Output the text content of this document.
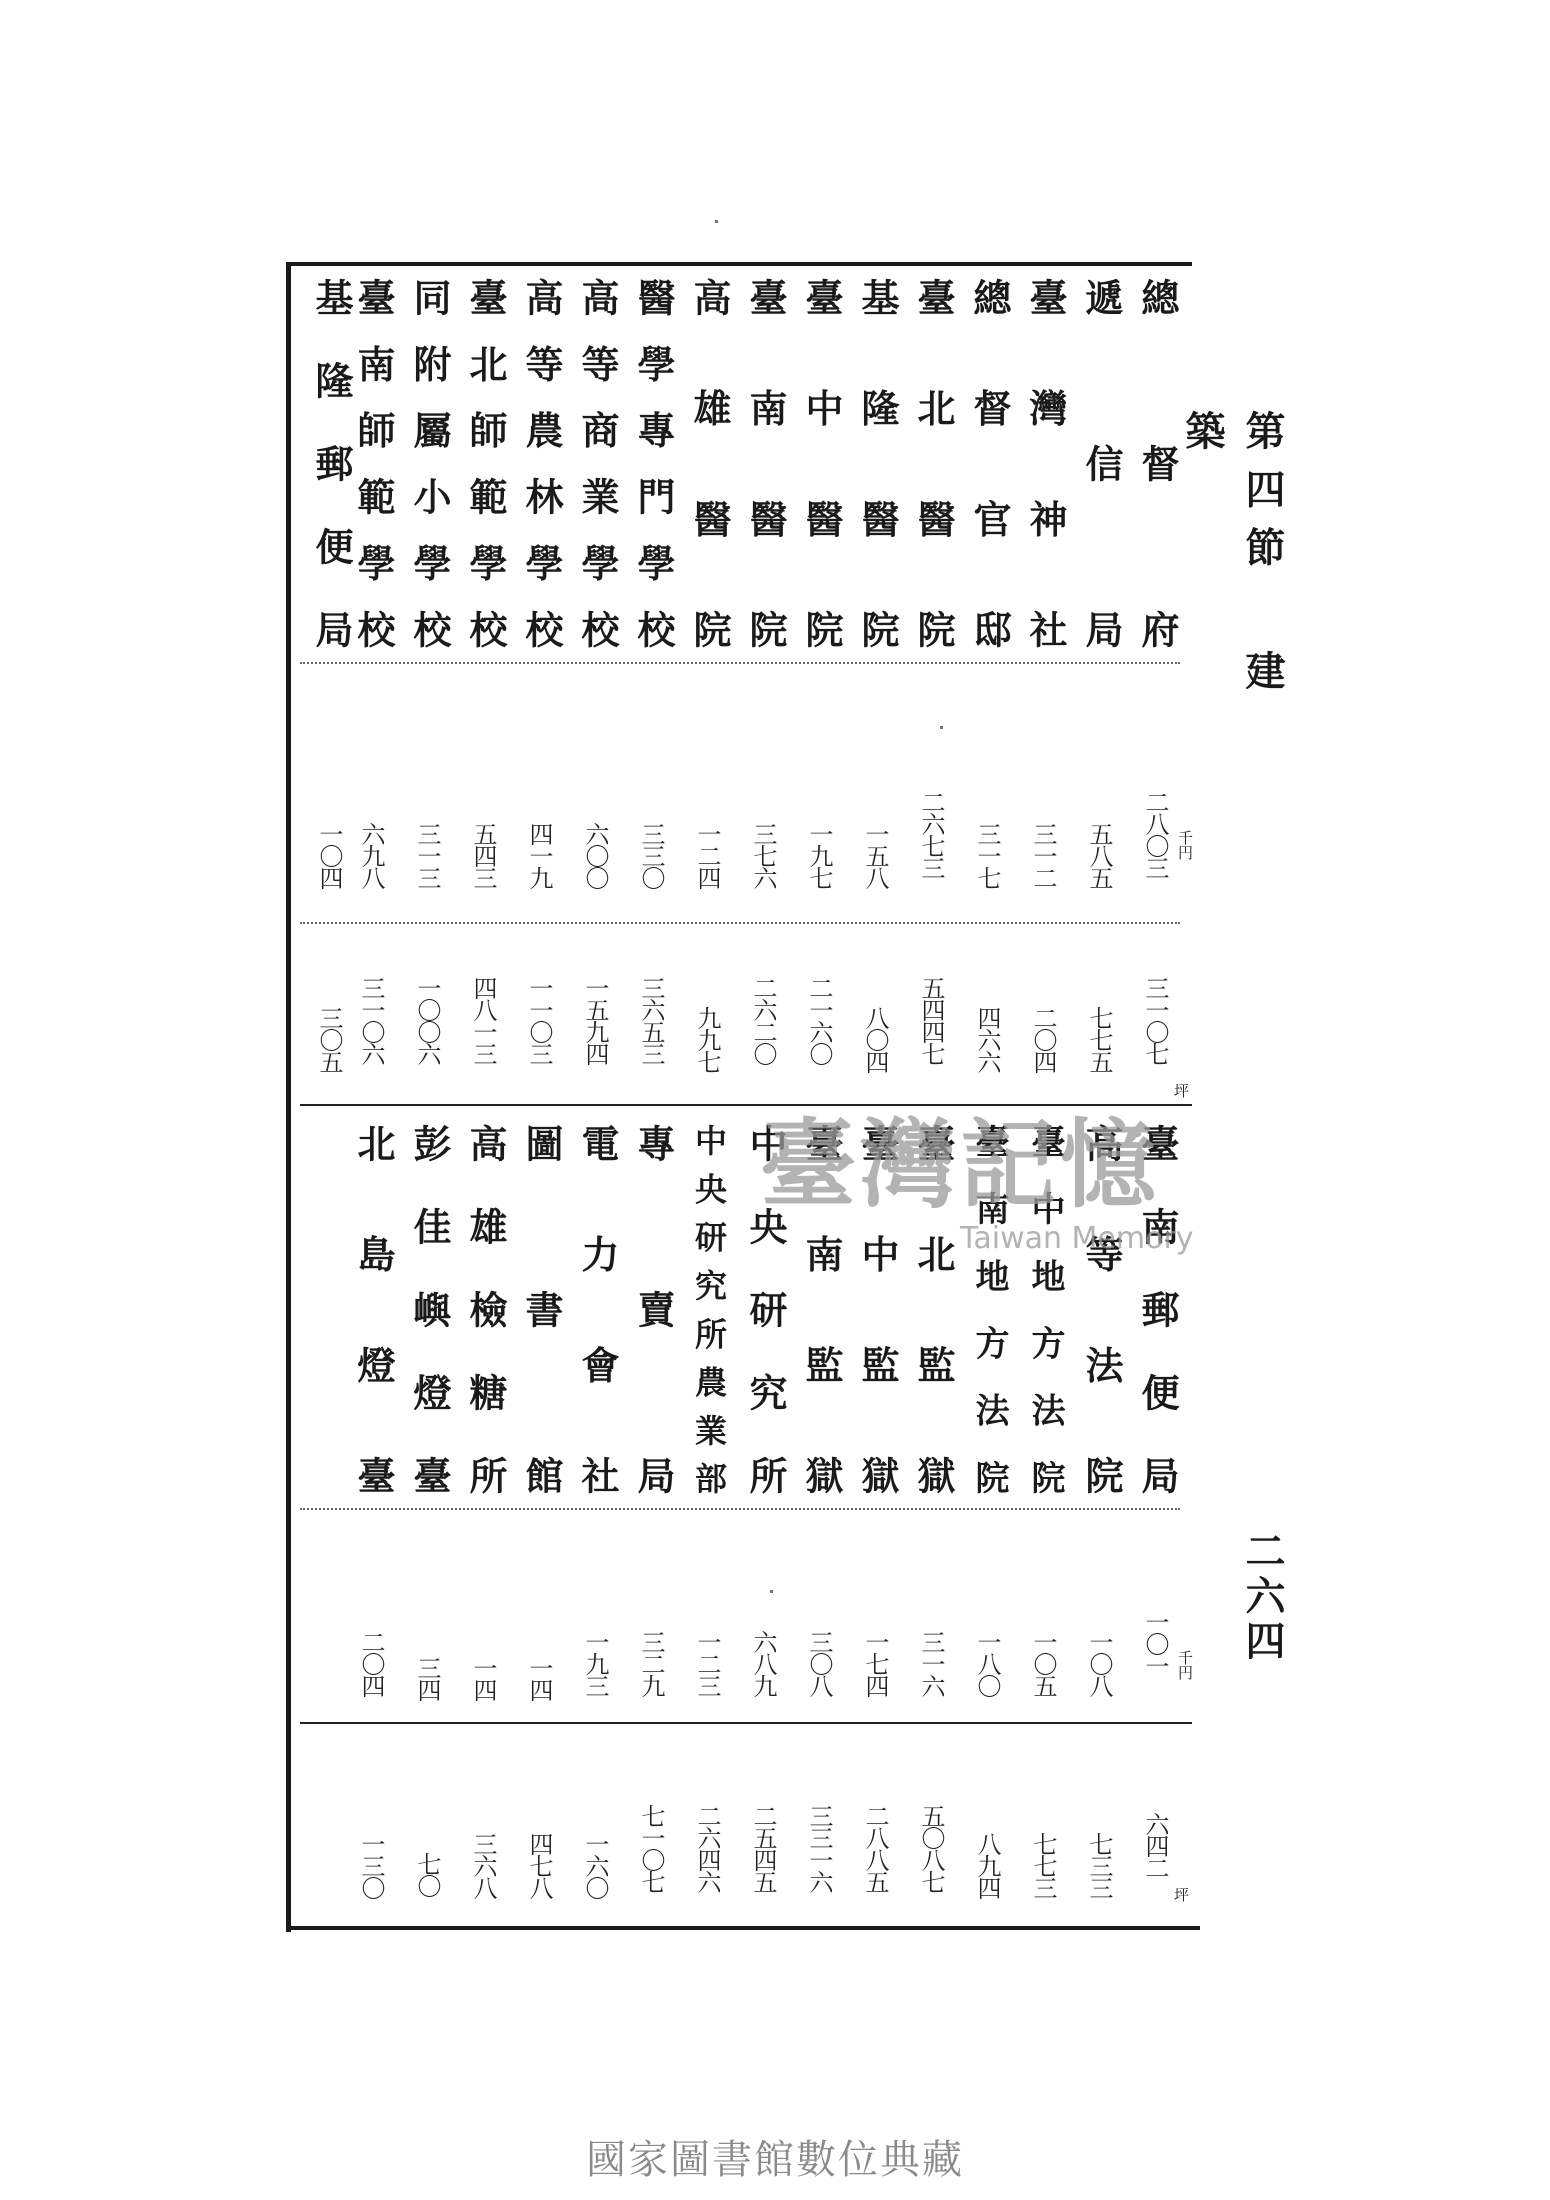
第四節 建 築
二六四
千円
坪
千円
坪
總督府
遞信局
臺灣神社
總督官邸
臺北醫院
基隆醫院
臺中醫院
臺南醫院
高雄醫院
醫學專門學校
高等商業學校
高等農林學校
臺北師範學校
同附屬小學校
臺南師範學校
基隆郵便局
二八〇三
五八五
三一二
三一七
二六七三
一五八
一九七
三七六
一二四
三三〇
六〇〇
四一九
五四三
三一三
六九八
一〇四
三一〇七
七七五
二〇四
四六六
五四四七
八〇四
二一六〇
二六二〇
九九七
三六五三
一五九四
一一〇三
四八一三
一〇〇六
三一〇六
三〇五
臺南郵便局
高等法院
臺中地方法院
臺南地方法院
臺北監獄
臺中監獄
臺南監獄
中央研究所
中央研究所農業部
專賣局
電力會社
圖書館
高雄檢糖所
彭佳嶼燈臺
北島燈臺
一〇一
一〇八
一〇五
一八〇
三一六
一七四
三〇八
六八九
一二三
三二九
一九三
一四
一四
三四
二〇四
六四二
七三三
七七三
八九四
五〇八七
二八八五
三三一六
二五四五
二六四六
七一〇七
一六〇
四七八
三六八
七〇
一三〇
臺灣記憶
Taiwan Memory
國家圖書館數位典藏
